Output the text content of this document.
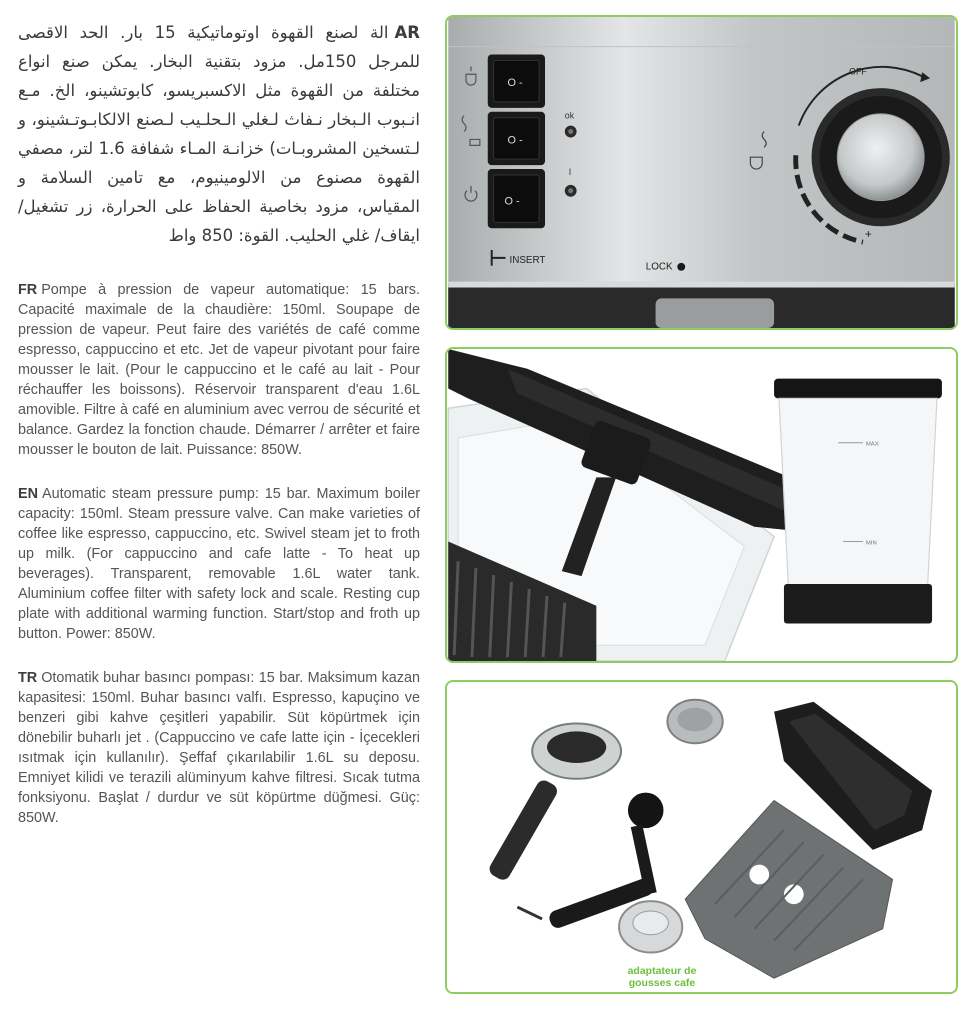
ARالة لصنع القهوة اوتوماتيكية 15 بار. الحد الاقصى للمرجل 150مل. مزود بتقنية البخار. يمكن صنع انواع مختلفة من القهوة مثل الاكسبريسو، كابوتشينو، الخ. مـع انـبوب الـبخار نـفاث لـغلي الـحلـيب لـصنع الالكابـوتـشينو، و لـتسخين المشروبـات) خزانـة المـاء شفافة 1.6 لتر، مصفي القهوة مصنوع من الالومينيوم، مع تامين السلامة و المقياس، مزود بخاصية الحفاظ على الحرارة، زر تشغيل/ ايقاف/ غلي الحليب. القوة: 850 واط

FR Pompe à pression de vapeur automatique: 15 bars. Capacité maximale de la chaudière: 150ml. Soupape de pression de vapeur. Peut faire des variétés de café comme espresso, cappuccino et etc. Jet de vapeur pivotant pour faire mousser le lait. (Pour le cappuccino et le café au lait - Pour réchauffer les boissons). Réservoir transparent d'eau 1.6L amovible. Filtre à café en aluminium avec verrou de sécurité et balance. Gardez la fonction chaude. Démarrer / arrêter et faire mousser le bouton de lait. Puissance: 850W.

EN Automatic steam pressure pump: 15 bar. Maximum boiler capacity: 150ml. Steam pressure valve. Can make varieties of coffee like espresso, cappuccino, etc. Swivel steam jet to froth up milk. (For cappuccino and cafe latte - To heat up beverages). Transparent, removable 1.6L water tank. Aluminium coffee filter with safety lock and scale. Resting cup plate with additional warming function. Start/stop and froth up button. Power: 850W.

TR Otomatik buhar basıncı pompası: 15 bar. Maksimum kazan kapasitesi: 150ml. Buhar basıncı valfı. Espresso, kapuçino ve benzeri gibi kahve çeşitleri yapabilir. Süt köpürtmek için dönebilir buharlı jet . (Cappuccino ve cafe latte için - İçecekleri ısıtmak için kullanılır). Şeffaf çıkarılabilir 1.6L su deposu. Emniyet kilidi ve terazili alüminyum kahve filtresi. Sıcak tutma fonksiyonu. Başlat / durdur ve süt köpürtme düğmesi. Güç: 850W.

O -
O -
O -
ok
I
INSERT
LOCK
OFF
+
MAX
MIN
adaptateur de gousses cafe
